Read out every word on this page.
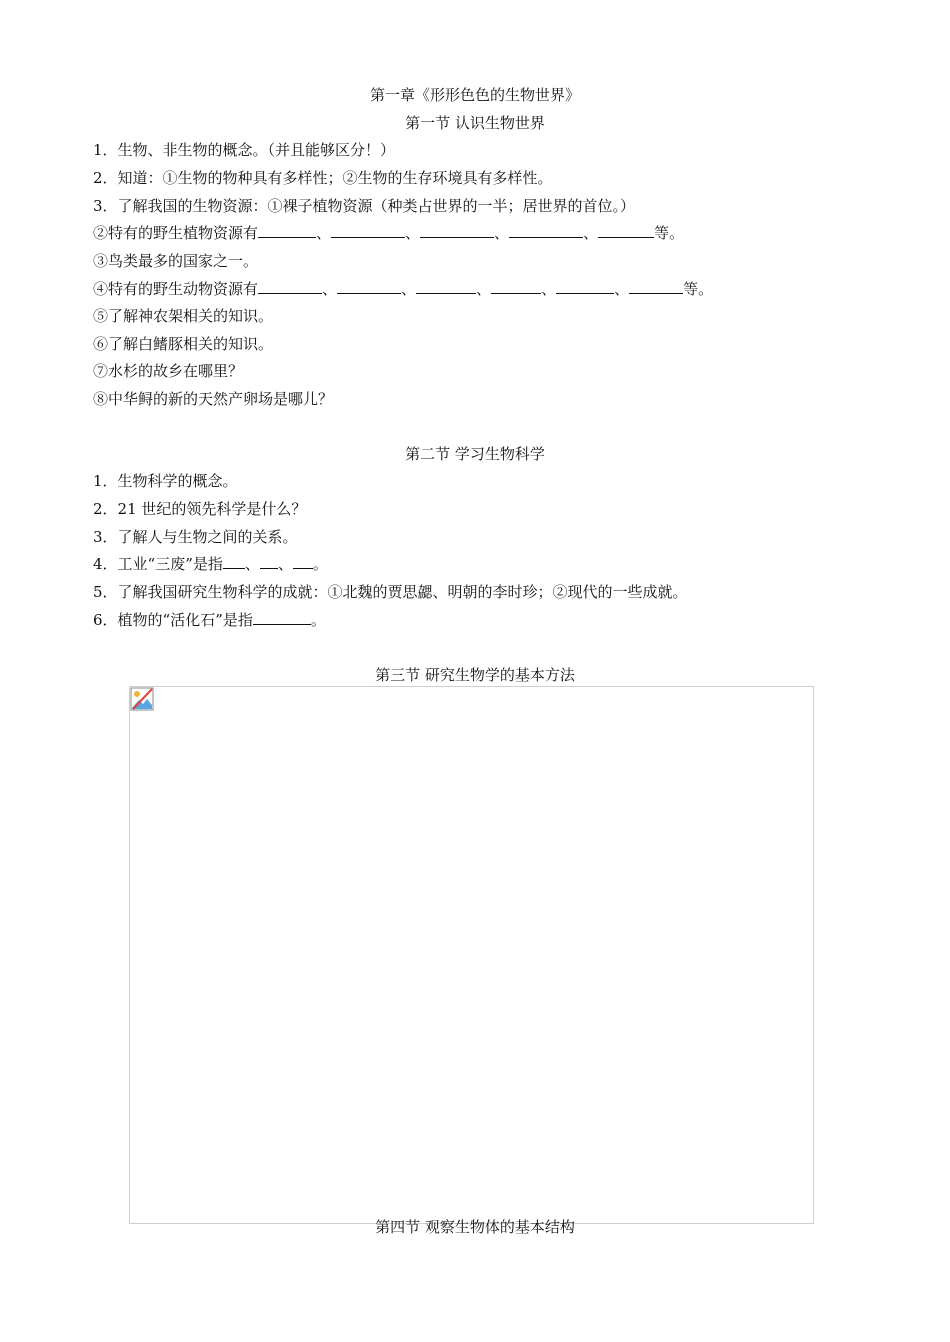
第一章《形形色色的生物世界》
第一节 认识生物世界
1．生物、非生物的概念。（并且能够区分！）
2．知道：①生物的物种具有多样性；②生物的生存环境具有多样性。
3．了解我国的生物资源：①裸子植物资源（种类占世界的一半；居世界的首位。）
②特有的野生植物资源有	、	、	、	、	等。
③鸟类最多的国家之一。
④特有的野生动物资源有	、	、	、	、	、	等。
⑤了解神农架相关的知识。
⑥了解白鳍豚相关的知识。
⑦水杉的故乡在哪里？
⑧中华鲟的新的天然产卵场是哪儿？
第二节 学习生物科学
1．生物科学的概念。
2．21 世纪的领先科学是什么？
3．了解人与生物之间的关系。
4．工业“三废”是指 、 、 。
5．了解我国研究生物科学的成就：①北魏的贾思勰、明朝的李时珍；②现代的一些成就。
6．植物的“活化石”是指	。
第三节 研究生物学的基本方法
第四节 观察生物体的基本结构
